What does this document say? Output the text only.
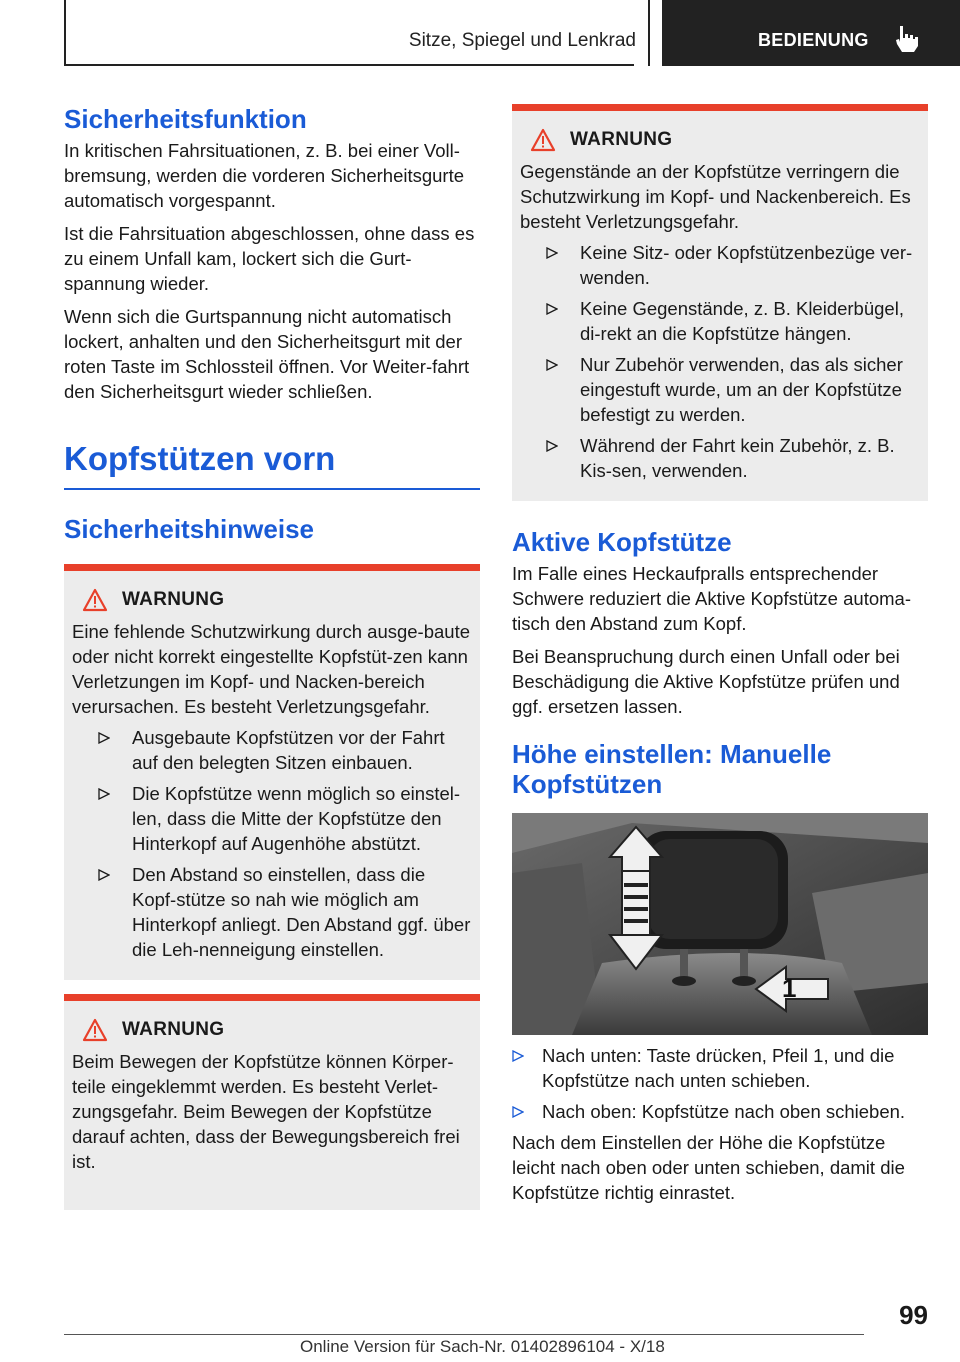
Sitze, Spiegel und Lenkrad	BEDIENUNG
Sicherheitsfunktion

In kritischen Fahrsituationen, z. B. bei einer Voll-bremsung, werden die vorderen Sicherheitsgurte automatisch vorgespannt.

Ist die Fahrsituation abgeschlossen, ohne dass es zu einem Unfall kam, lockert sich die Gurt-spannung wieder.

Wenn sich die Gurtspannung nicht automatisch lockert, anhalten und den Sicherheitsgurt mit der roten Taste im Schlossteil öffnen. Vor Weiter-fahrt den Sicherheitsgurt wieder schließen.

Kopfstützen vorn
Sicherheitshinweise
WARNUNG

Eine fehlende Schutzwirkung durch ausge-baute oder nicht korrekt eingestellte Kopfstüt-zen kann Verletzungen im Kopf- und Nacken-bereich verursachen. Es besteht Verletzungsgefahr.

Ausgebaute Kopfstützen vor der Fahrt auf den belegten Sitzen einbauen.
Die Kopfstütze wenn möglich so einstel-len, dass die Mitte der Kopfstütze den Hinterkopf auf Augenhöhe abstützt.
Den Abstand so einstellen, dass die Kopf-stütze so nah wie möglich am Hinterkopf anliegt. Den Abstand ggf. über die Leh-nenneigung einstellen.
WARNUNG

Beim Bewegen der Kopfstütze können Körper-teile eingeklemmt werden. Es besteht Verlet-zungsgefahr. Beim Bewegen der Kopfstütze darauf achten, dass der Bewegungsbereich frei ist.

WARNUNG

Gegenstände an der Kopfstütze verringern die Schutzwirkung im Kopf- und Nackenbereich. Es besteht Verletzungsgefahr.

Keine Sitz- oder Kopfstützenbezüge ver-wenden.
Keine Gegenstände, z. B. Kleiderbügel, di-rekt an die Kopfstütze hängen.
Nur Zubehör verwenden, das als sicher eingestuft wurde, um an der Kopfstütze befestigt zu werden.
Während der Fahrt kein Zubehör, z. B. Kis-sen, verwenden.
Aktive Kopfstütze

Im Falle eines Heckaufpralls entsprechender Schwere reduziert die Aktive Kopfstütze automa-tisch den Abstand zum Kopf.

Bei Beanspruchung durch einen Unfall oder bei Beschädigung die Aktive Kopfstütze prüfen und ggf. ersetzen lassen.

Höhe einstellen: Manuelle Kopfstützen
1
Nach unten: Taste drücken, Pfeil 1, und die Kopfstütze nach unten schieben.
Nach oben: Kopfstütze nach oben schieben.

Nach dem Einstellen der Höhe die Kopfstütze leicht nach oben oder unten schieben, damit die Kopfstütze richtig einrastet.

99
Online Version für Sach-Nr. 01402896104 - X/18
